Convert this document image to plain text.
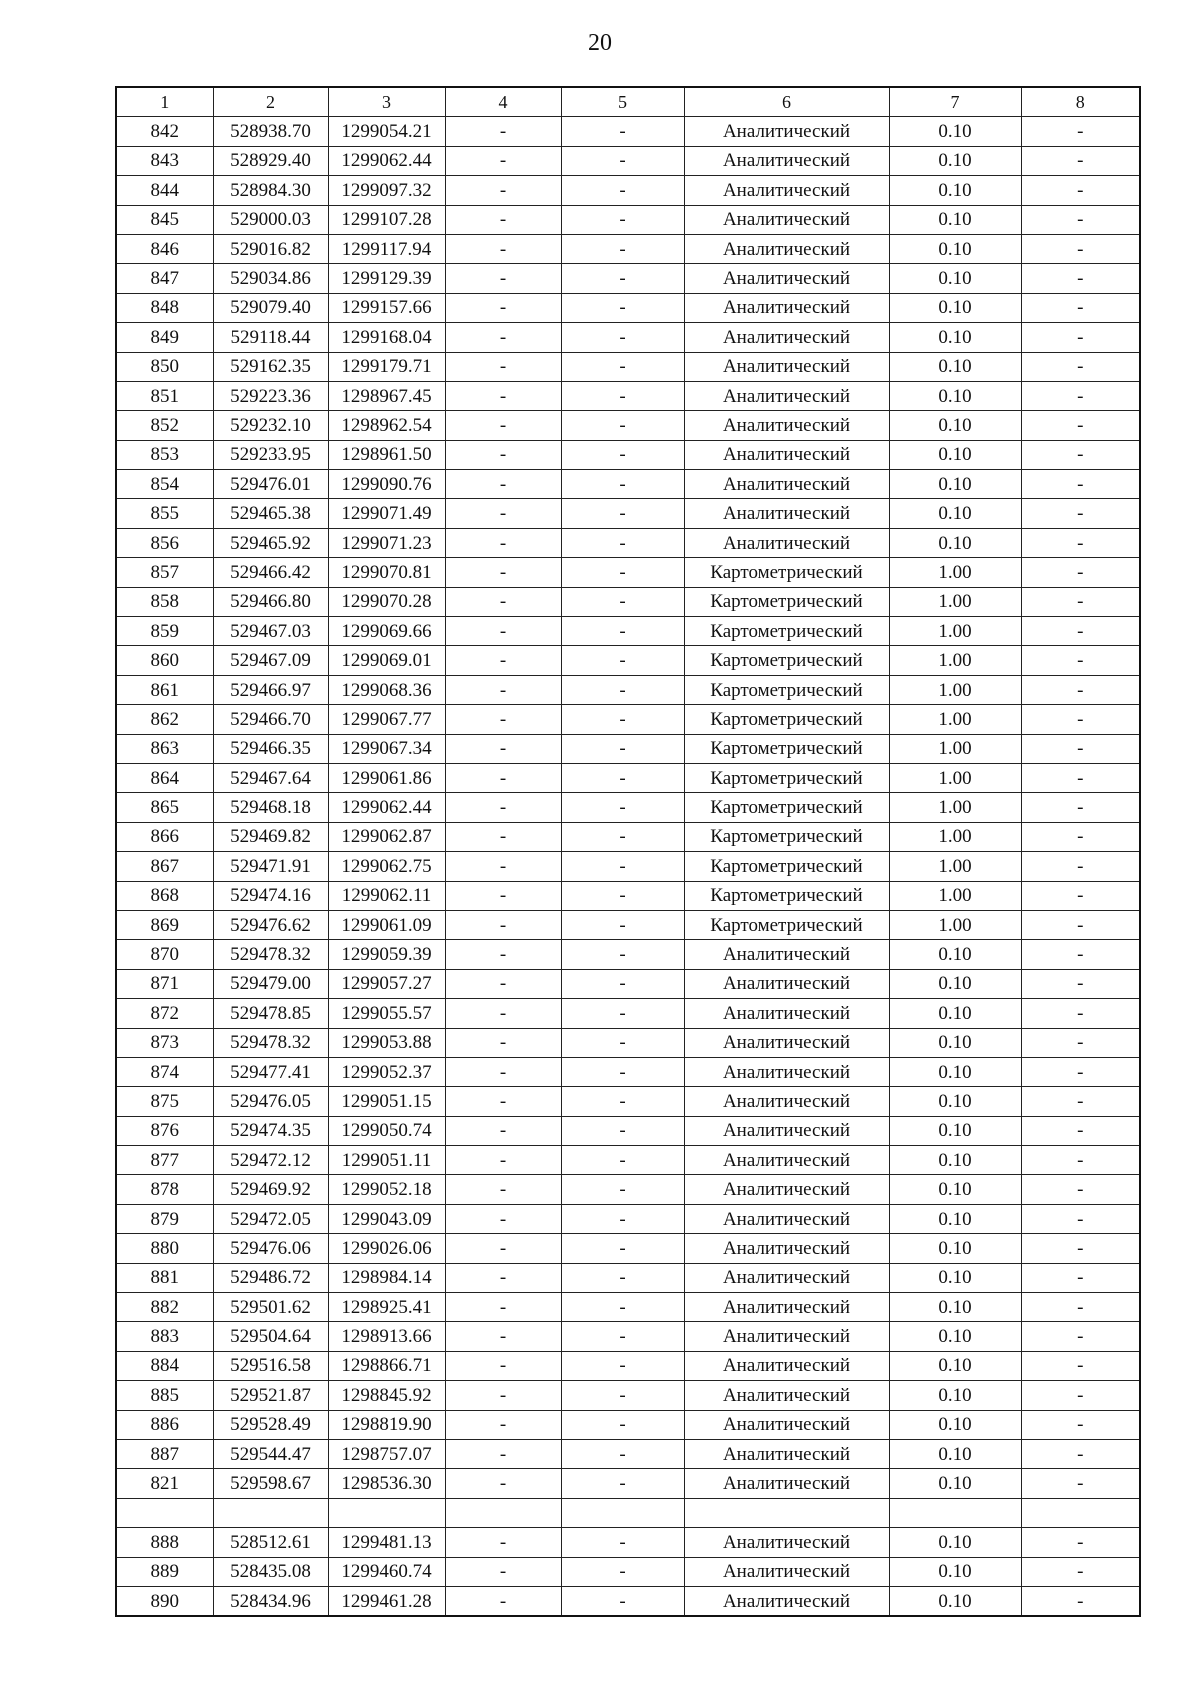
20
1	2	3	4	5	6	7	8
842	528938.70	1299054.21	-	-	Аналитический	0.10	-
843	528929.40	1299062.44	-	-	Аналитический	0.10	-
844	528984.30	1299097.32	-	-	Аналитический	0.10	-
845	529000.03	1299107.28	-	-	Аналитический	0.10	-
846	529016.82	1299117.94	-	-	Аналитический	0.10	-
847	529034.86	1299129.39	-	-	Аналитический	0.10	-
848	529079.40	1299157.66	-	-	Аналитический	0.10	-
849	529118.44	1299168.04	-	-	Аналитический	0.10	-
850	529162.35	1299179.71	-	-	Аналитический	0.10	-
851	529223.36	1298967.45	-	-	Аналитический	0.10	-
852	529232.10	1298962.54	-	-	Аналитический	0.10	-
853	529233.95	1298961.50	-	-	Аналитический	0.10	-
854	529476.01	1299090.76	-	-	Аналитический	0.10	-
855	529465.38	1299071.49	-	-	Аналитический	0.10	-
856	529465.92	1299071.23	-	-	Аналитический	0.10	-
857	529466.42	1299070.81	-	-	Картометрический	1.00	-
858	529466.80	1299070.28	-	-	Картометрический	1.00	-
859	529467.03	1299069.66	-	-	Картометрический	1.00	-
860	529467.09	1299069.01	-	-	Картометрический	1.00	-
861	529466.97	1299068.36	-	-	Картометрический	1.00	-
862	529466.70	1299067.77	-	-	Картометрический	1.00	-
863	529466.35	1299067.34	-	-	Картометрический	1.00	-
864	529467.64	1299061.86	-	-	Картометрический	1.00	-
865	529468.18	1299062.44	-	-	Картометрический	1.00	-
866	529469.82	1299062.87	-	-	Картометрический	1.00	-
867	529471.91	1299062.75	-	-	Картометрический	1.00	-
868	529474.16	1299062.11	-	-	Картометрический	1.00	-
869	529476.62	1299061.09	-	-	Картометрический	1.00	-
870	529478.32	1299059.39	-	-	Аналитический	0.10	-
871	529479.00	1299057.27	-	-	Аналитический	0.10	-
872	529478.85	1299055.57	-	-	Аналитический	0.10	-
873	529478.32	1299053.88	-	-	Аналитический	0.10	-
874	529477.41	1299052.37	-	-	Аналитический	0.10	-
875	529476.05	1299051.15	-	-	Аналитический	0.10	-
876	529474.35	1299050.74	-	-	Аналитический	0.10	-
877	529472.12	1299051.11	-	-	Аналитический	0.10	-
878	529469.92	1299052.18	-	-	Аналитический	0.10	-
879	529472.05	1299043.09	-	-	Аналитический	0.10	-
880	529476.06	1299026.06	-	-	Аналитический	0.10	-
881	529486.72	1298984.14	-	-	Аналитический	0.10	-
882	529501.62	1298925.41	-	-	Аналитический	0.10	-
883	529504.64	1298913.66	-	-	Аналитический	0.10	-
884	529516.58	1298866.71	-	-	Аналитический	0.10	-
885	529521.87	1298845.92	-	-	Аналитический	0.10	-
886	529528.49	1298819.90	-	-	Аналитический	0.10	-
887	529544.47	1298757.07	-	-	Аналитический	0.10	-
821	529598.67	1298536.30	-	-	Аналитический	0.10	-

888	528512.61	1299481.13	-	-	Аналитический	0.10	-
889	528435.08	1299460.74	-	-	Аналитический	0.10	-
890	528434.96	1299461.28	-	-	Аналитический	0.10	-
